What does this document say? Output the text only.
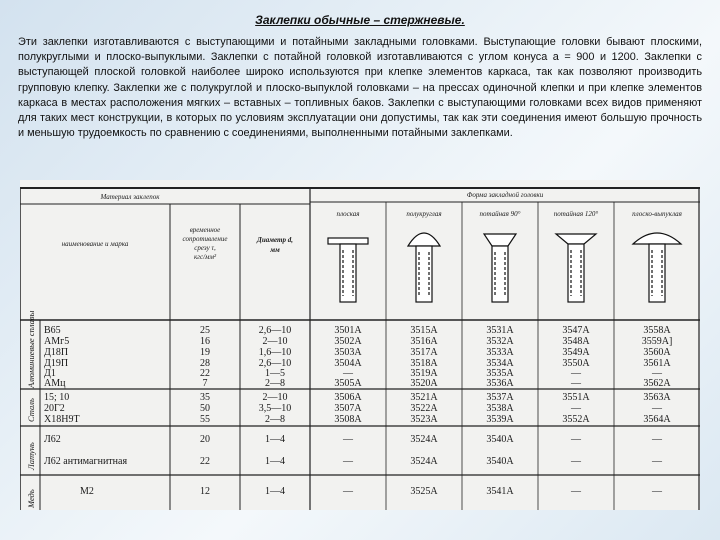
Заклепки обычные – стержневые.
Эти заклепки изготавливаются с выступающими и потайными закладными головками. Выступающие головки бывают плоскими, полукруглыми и плоско-выпуклыми. Заклепки с потайной головкой изготавливаются с углом конуса а = 900 и 1200. Заклепки с выступающей плоской головкой наиболее широко используются при клепке элементов каркаса, так как позволяют производить групповую клепку. Заклепки же с полукруглой и плоско-выпуклой головками – на прессах одиночной клепки и при клепке элементов каркаса в местах расположения мягких – вставных – топливных баков. Заклепки с выступающими головками всех видов применяют для таких мест конструкции, в которых по условиям эксплуатации они допустимы, так как эти соединения имеют большую прочность и меньшую трудоемкость по сравнению с соединениями, выполненными потайными заклепками.
Материал заклепок
наименование и марка
временное
сопротивление
срезу τ,
кгс/мм²
Диаметр d,
мм
Форма закладной головки
плоская	полукруглая	потайная 90°	потайная 120°	плоско-выпуклая
Алюминиевые сплавы
Сталь
Латунь
Медь
В65	25	2,6—10	3501А	3515А	3531А	3547А	3558А
АМг5	16	2—10	3502А	3516А	3532А	3548А	3559А]
Д18П	19	1,6—10	3503А	3517А	3533А	3549А	3560А
Д19П	28	2,6—10	3504А	3518А	3534А	3550А	3561А
Д1	22	1—5	—	3519А	3535А	—	—
АМц	7	2—8	3505А	3520А	3536А	—	3562А
15; 10	35	2—10	3506А	3521А	3537А	3551А	3563А
20Г2	50	3,5—10	3507А	3522А	3538А	—	—
Х18Н9Т	55	2—8	3508А	3523А	3539А	3552А	3564А
Л62	20	1—4	—	3524А	3540А	—	—
Л62 антимагнитная	22	1—4	—	3524А	3540А	—	—
М2	12	1—4	—	3525А	3541А	—	—
